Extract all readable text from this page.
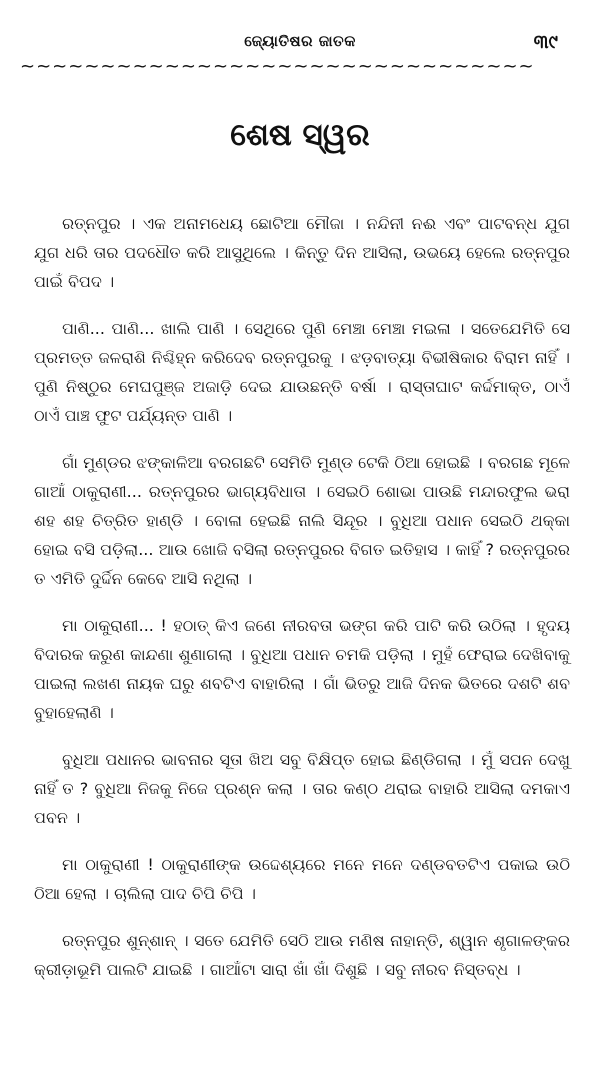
ଜ୍ୟୋତିଷର ଜାତକ	୩୯
~~~~~~~~~~~~~~~~~~~~~~~~~~~~~~~~
ଶେଷ ସ୍ୱର

ରତ୍ନପୁର । ଏକ ଅନାମଧେୟ ଛୋଟିଆ ମୌଜା । ନନ୍ଦିନୀ ନଈ ଏବଂ ପାଟବନ୍ଧ ଯୁଗ ଯୁଗ ଧରି ତାର ପଦଧୌତ କରି ଆସୁଥିଲେ । କିନ୍ତୁ ଦିନ ଆସିଲା, ଉଭୟେ ହେଲେ ରତ୍ନପୁର ପାଇଁ ବିପଦ ।

ପାଣି... ପାଣି... ଖାଲି ପାଣି । ସେଥିରେ ପୁଣି ମେଞ୍ଚା ମେଞ୍ଚା ମଇଳା । ସତେଯେମିତି ସେ ପ୍ରମତ୍ତ ଜଳରାଶି ନିଶ୍ଚିହ୍ନ କରିଦେବ ରତ୍ନପୁରକୁ । ଝଡ଼ବାତ୍ୟା ବିଭୀଷିକାର ବିରାମ ନାହିଁ । ପୁଣି ନିଷ୍ଠୁର ମେଘପୁଞ୍ଜ ଅଜାଡ଼ି ଦେଇ ଯାଉଛନ୍ତି ବର୍ଷା । ରାସ୍ତାଘାଟ କର୍ଦ୍ଦମାକ୍ତ, ଠାଏଁ ଠାଏଁ ପାଞ୍ଚ ଫୁଟ ପର୍ଯ୍ୟନ୍ତ ପାଣି ।

ଗାଁ ମୁଣ୍ଡର ଝଙ୍କାଳିଆ ବରଗଛଟି ସେମିତି ମୁଣ୍ଡ ଟେକି ଠିଆ ହୋଇଛି । ବରଗଛ ମୂଳେ ଗାଆଁ ଠାକୁରାଣୀ... ରତ୍ନପୁରର ଭାଗ୍ୟବିଧାତା । ସେଇଠି ଶୋଭା ପାଉଛି ମନ୍ଦାରଫୁଲ ଭରା ଶହ ଶହ ଚିତ୍ରିତ ହାଣ୍ଡି । ବୋଳା ହେଇଛି ନାଲି ସିନ୍ଦୂର । ବୁଧିଆ ପଧାନ ସେଇଠି ଥକ୍କା ହୋଇ ବସି ପଡ଼ିଲା... ଆଉ ଖୋଜି ବସିଲା ରତ୍ନପୁରର ବିଗତ ଇତିହାସ । କାହିଁ ? ରତ୍ନପୁରର ତ ଏମିତି ଦୁର୍ଦ୍ଦିନ କେବେ ଆସି ନଥିଲା ।

ମା ଠାକୁରାଣୀ... ! ହଠାତ୍ କିଏ ଜଣେ ନୀରବତା ଭଙ୍ଗ କରି ପାଟି କରି ଉଠିଲା । ହୃଦୟ ବିଦାରକ କରୁଣ କାନ୍ଦଣା ଶୁଣାଗଲା । ବୁଧିଆ ପଧାନ ଚମକି ପଡ଼ିଲା । ମୁହଁ ଫେରାଇ ଦେଖିବାକୁ ପାଇଲା ଲଖଣ ନାୟକ ଘରୁ ଶବଟିଏ ବାହାରିଲା । ଗାଁ ଭିତରୁ ଆଜି ଦିନକ ଭିତରେ ଦଶଟି ଶବ ବୁହାହେଲାଣି ।

ବୁଧିଆ ପଧାନର ଭାବନାର ସୂତା ଖିଅ ସବୁ ବିକ୍ଷିପ୍ତ ହୋଇ ଛିଣ୍ଡିଗଲା । ମୁଁ ସପନ ଦେଖୁ ନାହିଁ ତ ? ବୁଧିଆ ନିଜକୁ ନିଜେ ପ୍ରଶ୍ନ କଲା । ତାର କଣ୍ଠ ଥରାଇ ବାହାରି ଆସିଲା ଦମକାଏ ପବନ ।

ମା ଠାକୁରାଣୀ ! ଠାକୁରାଣୀଙ୍କ ଉଦ୍ଦେଶ୍ୟରେ ମନେ ମନେ ଦଣ୍ଡବତଟିଏ ପକାଇ ଉଠି ଠିଆ ହେଲା । ଚାଲିଲା ପାଦ ଚିପି ଚିପି ।

ରତ୍ନପୁର ଶୁନ୍‌ଶାନ୍ । ସତେ ଯେମିତି ସେଠି ଆଉ ମଣିଷ ନାହାନ୍ତି, ଶ୍ୱାନ ଶୃଗାଳଙ୍କର କ୍ରୀଡ଼ାଭୂମି ପାଲଟି ଯାଇଛି । ଗାଆଁଟା ସାରା ଖାଁ ଖାଁ ଦିଶୁଛି । ସବୁ ନୀରବ ନିସ୍ତବ୍ଧ ।
